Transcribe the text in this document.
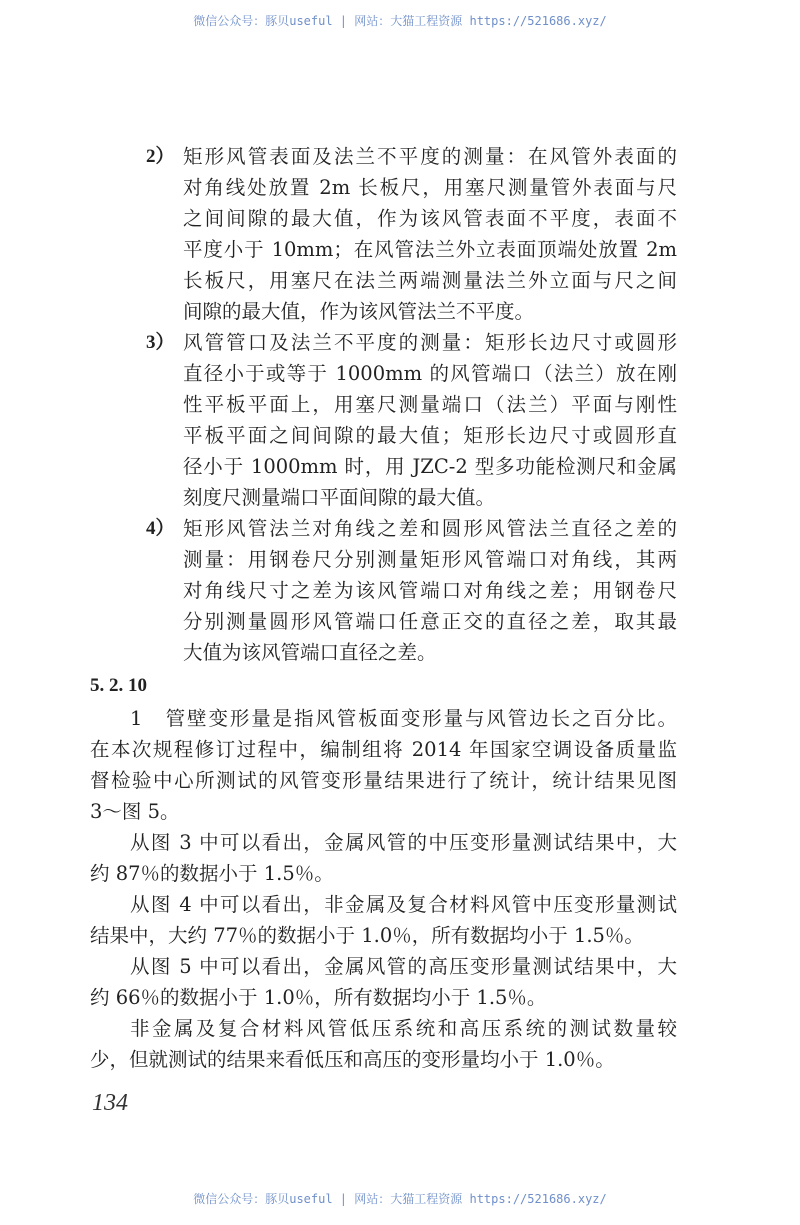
微信公众号：豚贝useful | 网站：大猫工程资源 https://521686.xyz/
2） 矩形风管表面及法兰不平度的测量：在风管外表面的
对角线处放置 2m 长板尺，用塞尺测量管外表面与尺
之间间隙的最大值，作为该风管表面不平度，表面不
平度小于 10mm；在风管法兰外立表面顶端处放置 2m
长板尺，用塞尺在法兰两端测量法兰外立面与尺之间
间隙的最大值，作为该风管法兰不平度。
3） 风管管口及法兰不平度的测量：矩形长边尺寸或圆形
直径小于或等于 1000mm 的风管端口（法兰）放在刚
性平板平面上，用塞尺测量端口（法兰）平面与刚性
平板平面之间间隙的最大值；矩形长边尺寸或圆形直
径小于 1000mm 时，用 JZC-2 型多功能检测尺和金属
刻度尺测量端口平面间隙的最大值。
4） 矩形风管法兰对角线之差和圆形风管法兰直径之差的
测量：用钢卷尺分别测量矩形风管端口对角线，其两
对角线尺寸之差为该风管端口对角线之差；用钢卷尺
分别测量圆形风管端口任意正交的直径之差，取其最
大值为该风管端口直径之差。
1　管壁变形量是指风管板面变形量与风管边长之百分比。
在本次规程修订过程中，编制组将 2014 年国家空调设备质量监
督检验中心所测试的风管变形量结果进行了统计，统计结果见图
3～图 5。
从图 3 中可以看出，金属风管的中压变形量测试结果中，大
约 87％的数据小于 1.5％。
从图 4 中可以看出，非金属及复合材料风管中压变形量测试
结果中，大约 77％的数据小于 1.0％，所有数据均小于 1.5％。
从图 5 中可以看出，金属风管的高压变形量测试结果中，大
约 66％的数据小于 1.0％，所有数据均小于 1.5％。
非金属及复合材料风管低压系统和高压系统的测试数量较
少，但就测试的结果来看低压和高压的变形量均小于 1.0％。
5. 2. 10
134
微信公众号：豚贝useful | 网站：大猫工程资源 https://521686.xyz/
